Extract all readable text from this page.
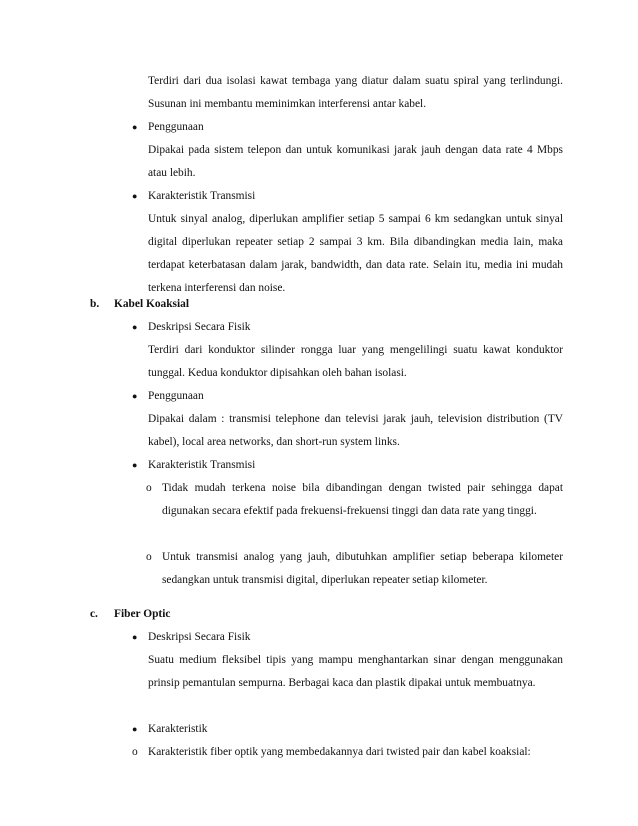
Terdiri dari dua isolasi kawat tembaga yang diatur dalam suatu spiral yang terlindungi. Susunan ini membantu meminimkan interferensi antar kabel.

● Penggunaan

Dipakai pada sistem telepon dan untuk komunikasi jarak jauh dengan data rate 4 Mbps atau lebih.

● Karakteristik Transmisi

Untuk sinyal analog, diperlukan amplifier setiap 5 sampai 6 km sedangkan untuk sinyal digital diperlukan repeater setiap 2 sampai 3 km. Bila dibandingkan media lain, maka terdapat keterbatasan dalam jarak, bandwidth, dan data rate. Selain itu, media ini mudah terkena interferensi dan noise.

b. Kabel Koaksial

● Deskripsi Secara Fisik

Terdiri dari konduktor silinder rongga luar yang mengelilingi suatu kawat konduktor tunggal. Kedua konduktor dipisahkan oleh bahan isolasi.

● Penggunaan

Dipakai dalam : transmisi telephone dan televisi jarak jauh, television distribution (TV kabel), local area networks, dan short-run system links.

● Karakteristik Transmisi

o Tidak mudah terkena noise bila dibandingan dengan twisted pair sehingga dapat digunakan secara efektif pada frekuensi-frekuensi tinggi dan data rate yang tinggi.

o Untuk transmisi analog yang jauh, dibutuhkan amplifier setiap beberapa kilometer sedangkan untuk transmisi digital, diperlukan repeater setiap kilometer.

c. Fiber Optic

● Deskripsi Secara Fisik

Suatu medium fleksibel tipis yang mampu menghantarkan sinar dengan menggunakan prinsip pemantulan sempurna. Berbagai kaca dan plastik dipakai untuk membuatnya.

● Karakteristik

o Karakteristik fiber optik yang membedakannya dari twisted pair dan kabel koaksial:
